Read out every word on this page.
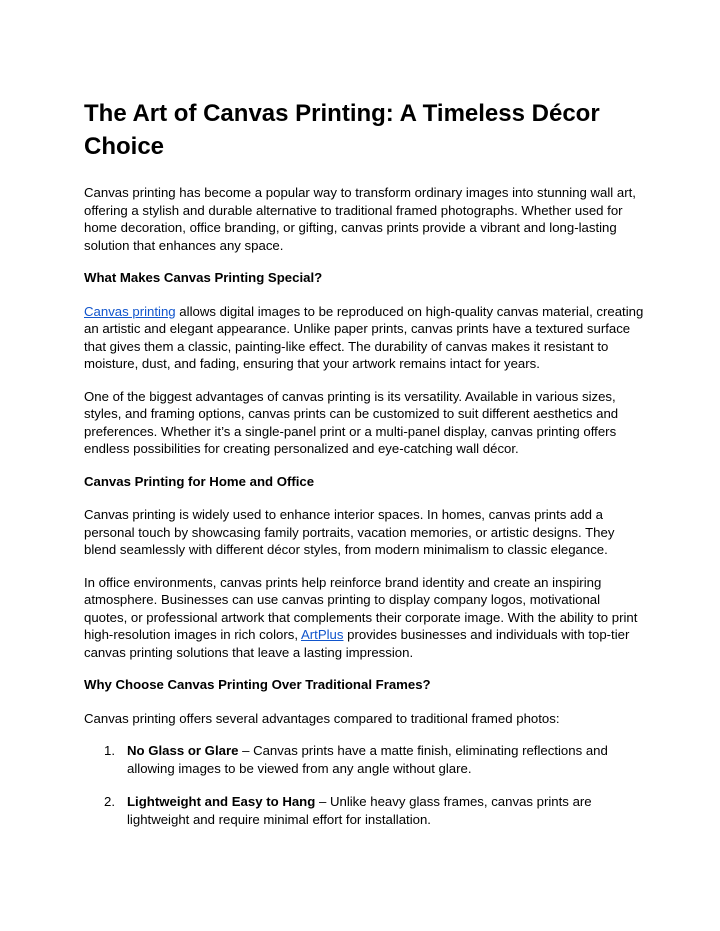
The Art of Canvas Printing: A Timeless Décor Choice

Canvas printing has become a popular way to transform ordinary images into stunning wall art, offering a stylish and durable alternative to traditional framed photographs. Whether used for home decoration, office branding, or gifting, canvas prints provide a vibrant and long-lasting solution that enhances any space.

What Makes Canvas Printing Special?

Canvas printing allows digital images to be reproduced on high-quality canvas material, creating an artistic and elegant appearance. Unlike paper prints, canvas prints have a textured surface that gives them a classic, painting-like effect. The durability of canvas makes it resistant to moisture, dust, and fading, ensuring that your artwork remains intact for years.

One of the biggest advantages of canvas printing is its versatility. Available in various sizes, styles, and framing options, canvas prints can be customized to suit different aesthetics and preferences. Whether it’s a single-panel print or a multi-panel display, canvas printing offers endless possibilities for creating personalized and eye-catching wall décor.

Canvas Printing for Home and Office

Canvas printing is widely used to enhance interior spaces. In homes, canvas prints add a personal touch by showcasing family portraits, vacation memories, or artistic designs. They blend seamlessly with different décor styles, from modern minimalism to classic elegance.

In office environments, canvas prints help reinforce brand identity and create an inspiring atmosphere. Businesses can use canvas printing to display company logos, motivational quotes, or professional artwork that complements their corporate image. With the ability to print high-resolution images in rich colors, ArtPlus provides businesses and individuals with top-tier canvas printing solutions that leave a lasting impression.

Why Choose Canvas Printing Over Traditional Frames?

Canvas printing offers several advantages compared to traditional framed photos:

1. No Glass or Glare – Canvas prints have a matte finish, eliminating reflections and allowing images to be viewed from any angle without glare.
2. Lightweight and Easy to Hang – Unlike heavy glass frames, canvas prints are lightweight and require minimal effort for installation.
